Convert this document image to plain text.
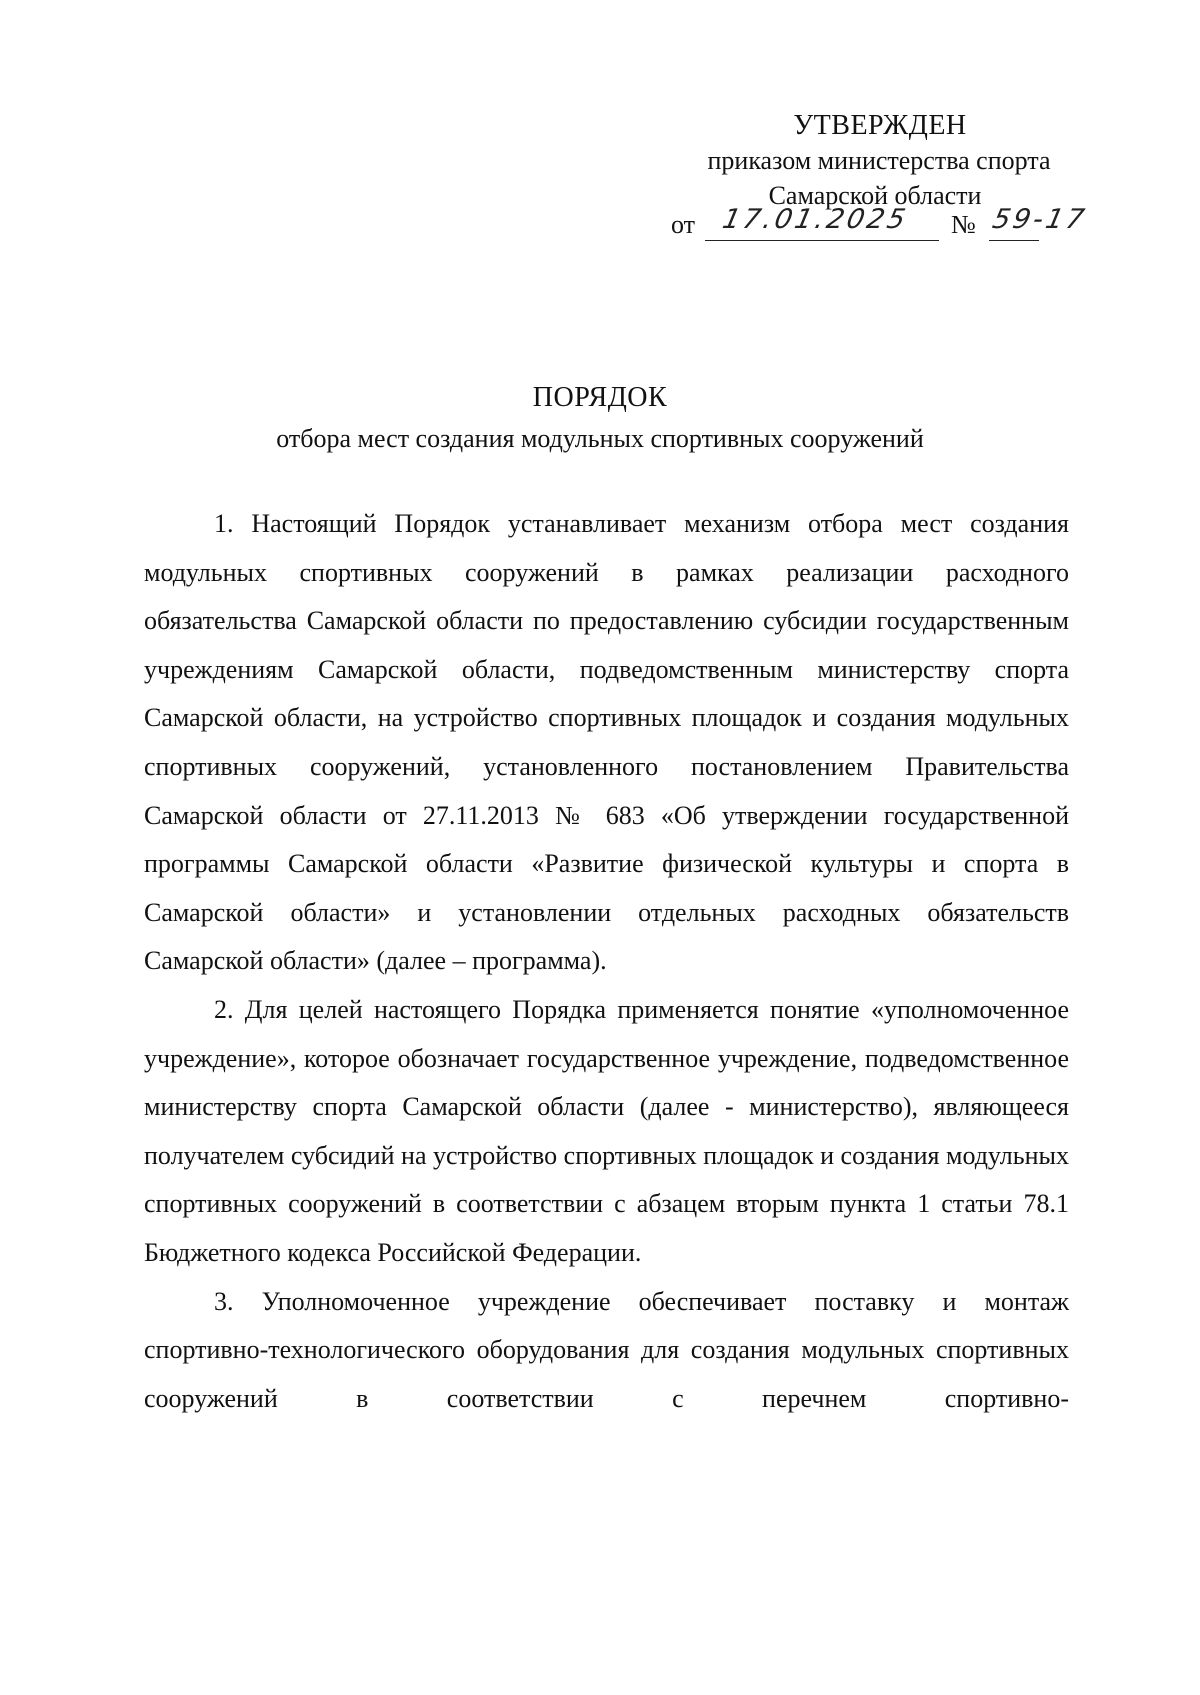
УТВЕРЖДЕН
приказом министерства спорта
Самарской области
от 17.01.2025 № 59-17
ПОРЯДОК
отбора мест создания модульных спортивных сооружений

1. Настоящий Порядок устанавливает механизм отбора мест создания модульных спортивных сооружений в рамках реализации расходного обязательства Самарской области по предоставлению субсидии государственным учреждениям Самарской области, подведомственным министерству спорта Самарской области, на устройство спортивных площадок и создания модульных спортивных сооружений, установленного постановлением Правительства Самарской области от 27.11.2013 № 683 «Об утверждении государственной программы Самарской области «Развитие физической культуры и спорта в Самарской области» и установлении отдельных расходных обязательств Самарской области» (далее – программа).

2. Для целей настоящего Порядка применяется понятие «уполномоченное учреждение», которое обозначает государственное учреждение, подведомственное министерству спорта Самарской области (далее - министерство), являющееся получателем субсидий на устройство спортивных площадок и создания модульных спортивных сооружений в соответствии с абзацем вторым пункта 1 статьи 78.1 Бюджетного кодекса Российской Федерации.

3. Уполномоченное учреждение обеспечивает поставку и монтаж спортивно-технологического оборудования для создания модульных спортивных сооружений в соответствии с перечнем спортивно-
